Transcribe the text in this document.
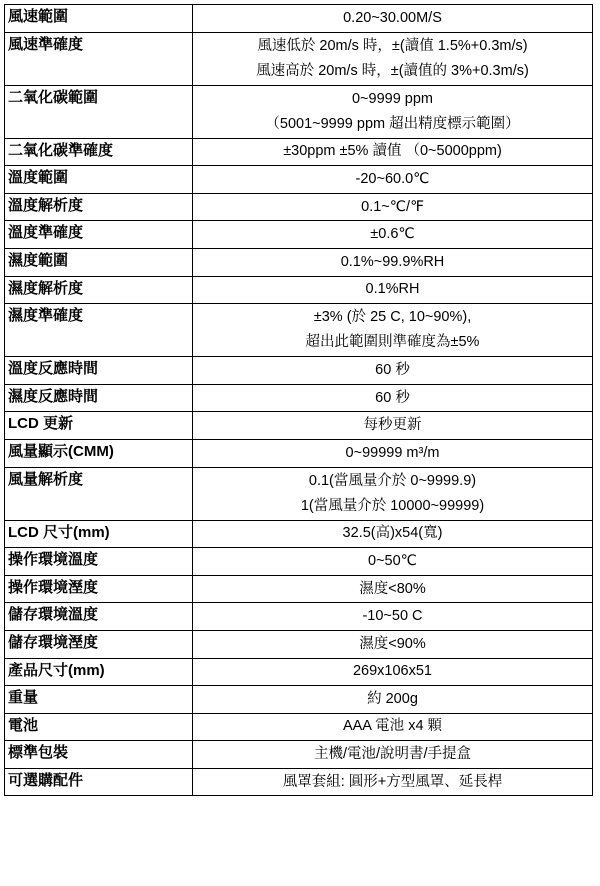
風速範圍	0.20~30.00M/S

風速準確度	風速低於 20m/s 時，±(讀值 1.5%+0.3m/s)
風速高於 20m/s 時，±(讀值的 3%+0.3m/s)

二氧化碳範圍	0~9999 ppm
（5001~9999 ppm 超出精度標示範圍）

二氧化碳準確度	±30ppm ±5% 讀值 （0~5000ppm)

溫度範圍	-20~60.0℃

溫度解析度	0.1~℃/℉

溫度準確度	±0.6℃

濕度範圍	0.1%~99.9%RH

濕度解析度	0.1%RH

濕度準確度	±3% (於 25 C, 10~90%),
超出此範圍則準確度為±5%

溫度反應時間	60 秒

濕度反應時間	60 秒

LCD 更新	每秒更新

風量顯示(CMM)	0~99999 m³/m

風量解析度	0.1(當風量介於 0~9999.9)
1(當風量介於 10000~99999)

LCD 尺寸(mm)	32.5(高)x54(寬)

操作環境溫度	0~50℃

操作環境溼度	濕度<80%

儲存環境溫度	-10~50 C

儲存環境溼度	濕度<90%

產品尺寸(mm)	269x106x51

重量	約 200g

電池	AAA 電池 x4 顆

標準包裝	主機/電池/說明書/手提盒

可選購配件	風罩套組: 圓形+方型風罩、延長桿
